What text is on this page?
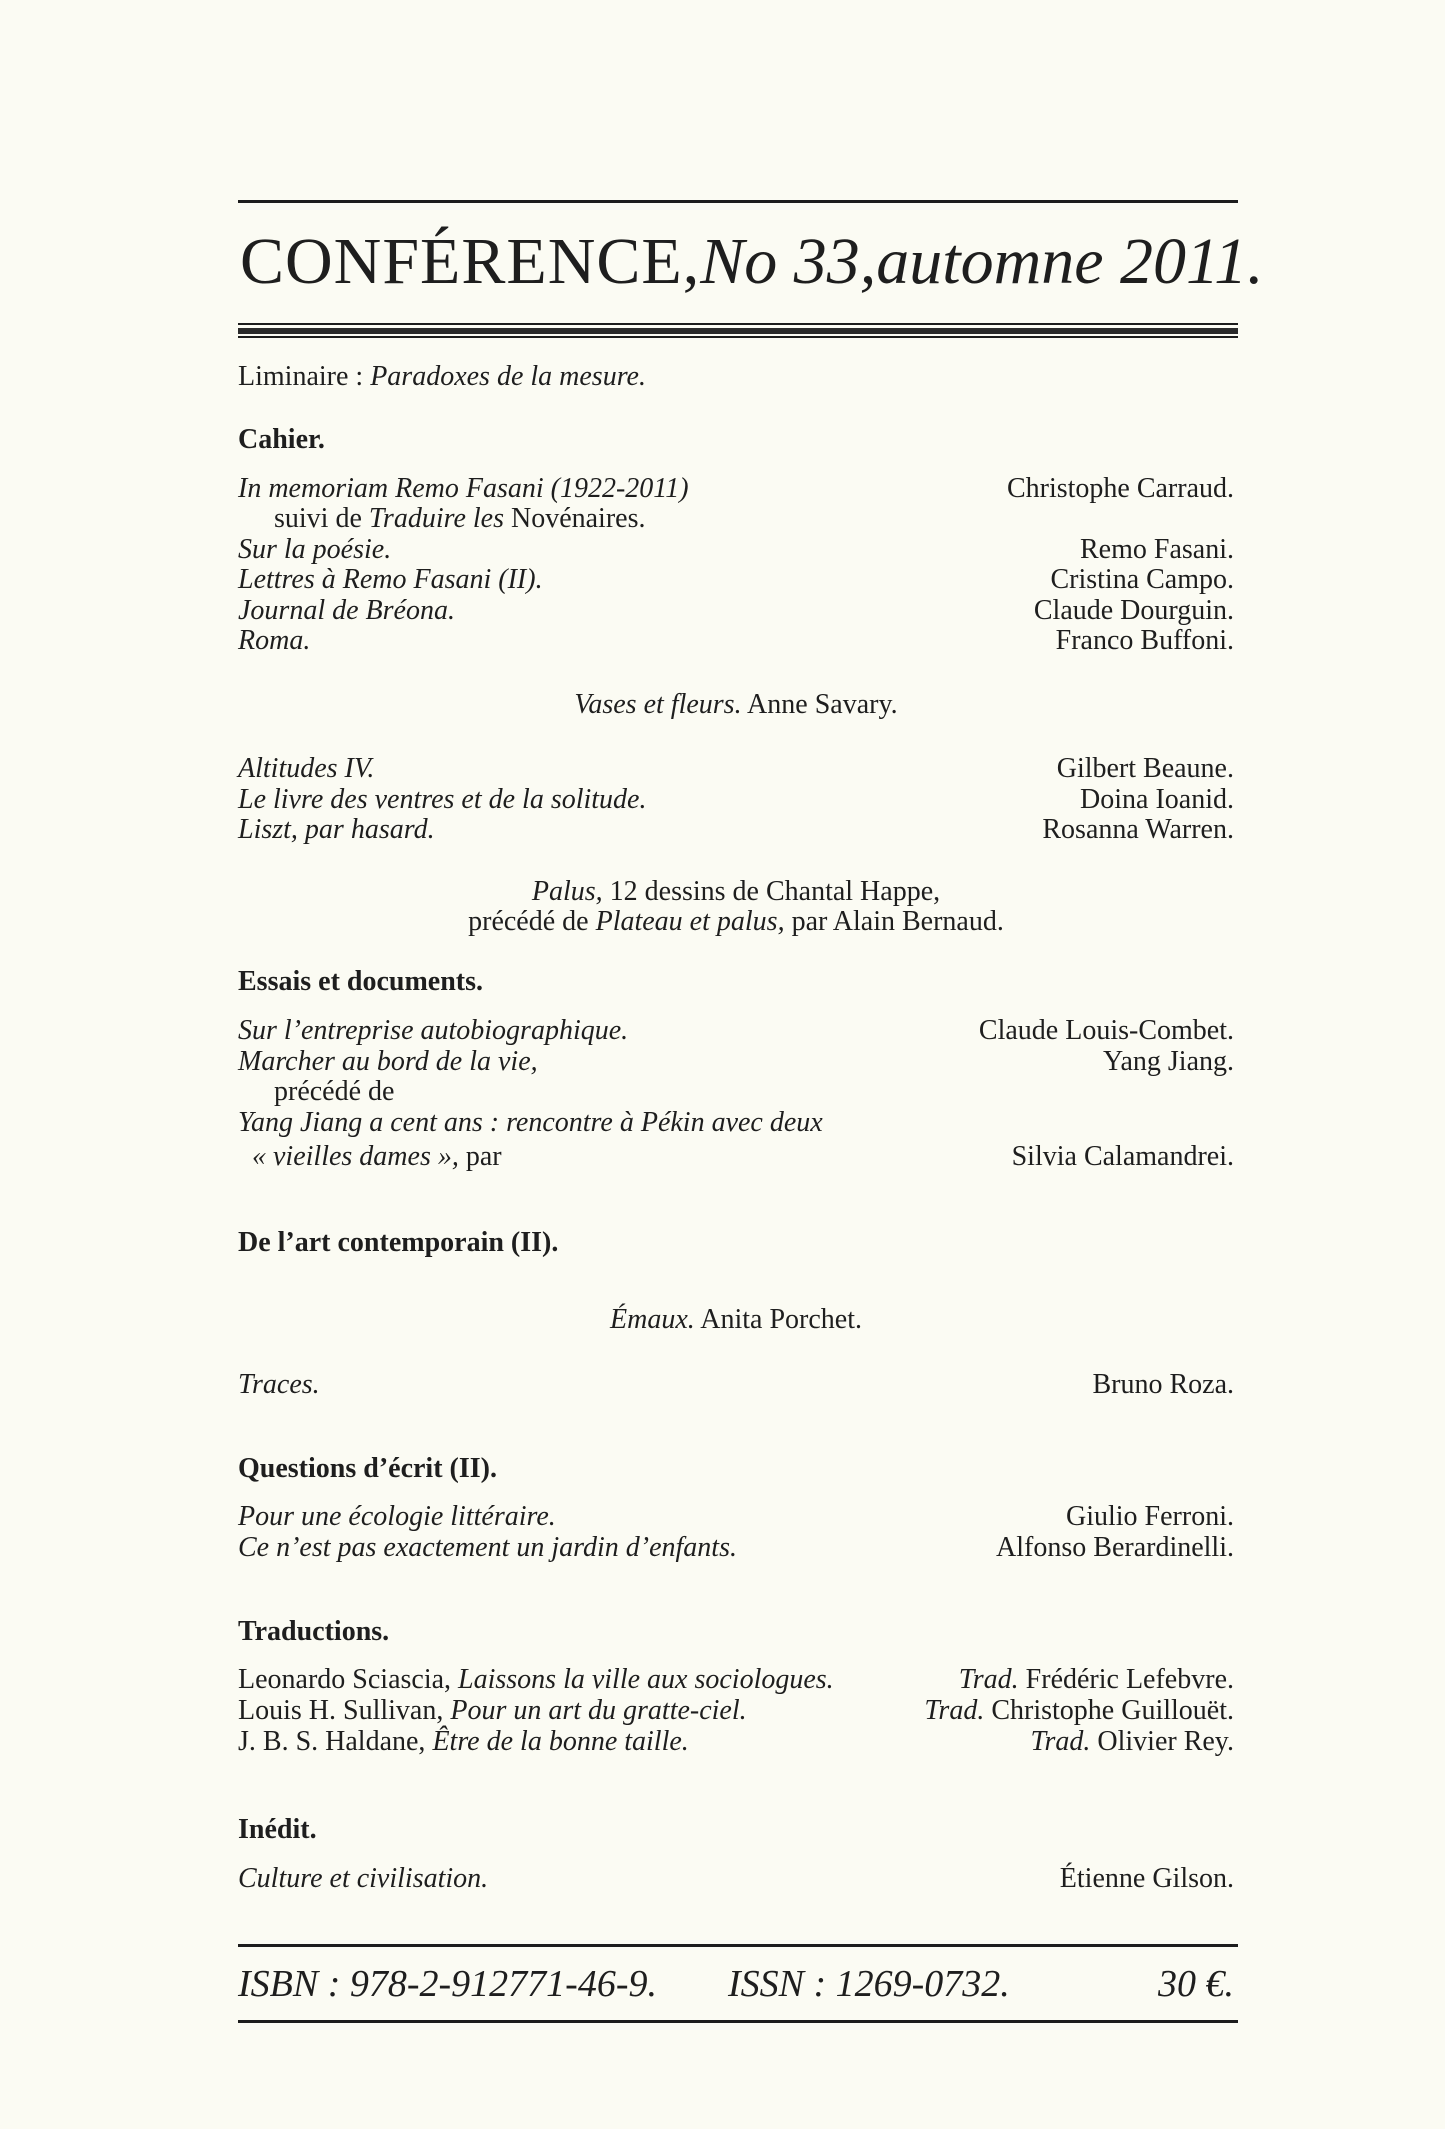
CONFÉRENCE, No 33, automne 2011.
Liminaire : Paradoxes de la mesure.
Cahier.
In memoriam Remo Fasani (1922-2011)	Christophe Carraud.
suivi de Traduire les Novénaires.
Sur la poésie.	Remo Fasani.
Lettres à Remo Fasani (II).	Cristina Campo.
Journal de Bréona.	Claude Dourguin.
Roma.	Franco Buffoni.
Vases et fleurs. Anne Savary.
Altitudes IV.	Gilbert Beaune.
Le livre des ventres et de la solitude.	Doina Ioanid.
Liszt, par hasard.	Rosanna Warren.
Palus, 12 dessins de Chantal Happe,
précédé de Plateau et palus, par Alain Bernaud.
Essais et documents.
Sur l’entreprise autobiographique.	Claude Louis-Combet.
Marcher au bord de la vie,	Yang Jiang.
précédé de
Yang Jiang a cent ans : rencontre à Pékin avec deux
« vieilles dames », par	Silvia Calamandrei.
De l’art contemporain (II).
Émaux. Anita Porchet.
Traces.	Bruno Roza.
Questions d’écrit (II).
Pour une écologie littéraire.	Giulio Ferroni.
Ce n’est pas exactement un jardin d’enfants.	Alfonso Berardinelli.
Traductions.
Leonardo Sciascia, Laissons la ville aux sociologues.	Trad. Frédéric Lefebvre.
Louis H. Sullivan, Pour un art du gratte-ciel.	Trad. Christophe Guillouët.
J. B. S. Haldane, Être de la bonne taille.	Trad. Olivier Rey.
Inédit.
Culture et civilisation.	Étienne Gilson.
ISBN : 978-2-912771-46-9. ISSN : 1269-0732.	30 €.
